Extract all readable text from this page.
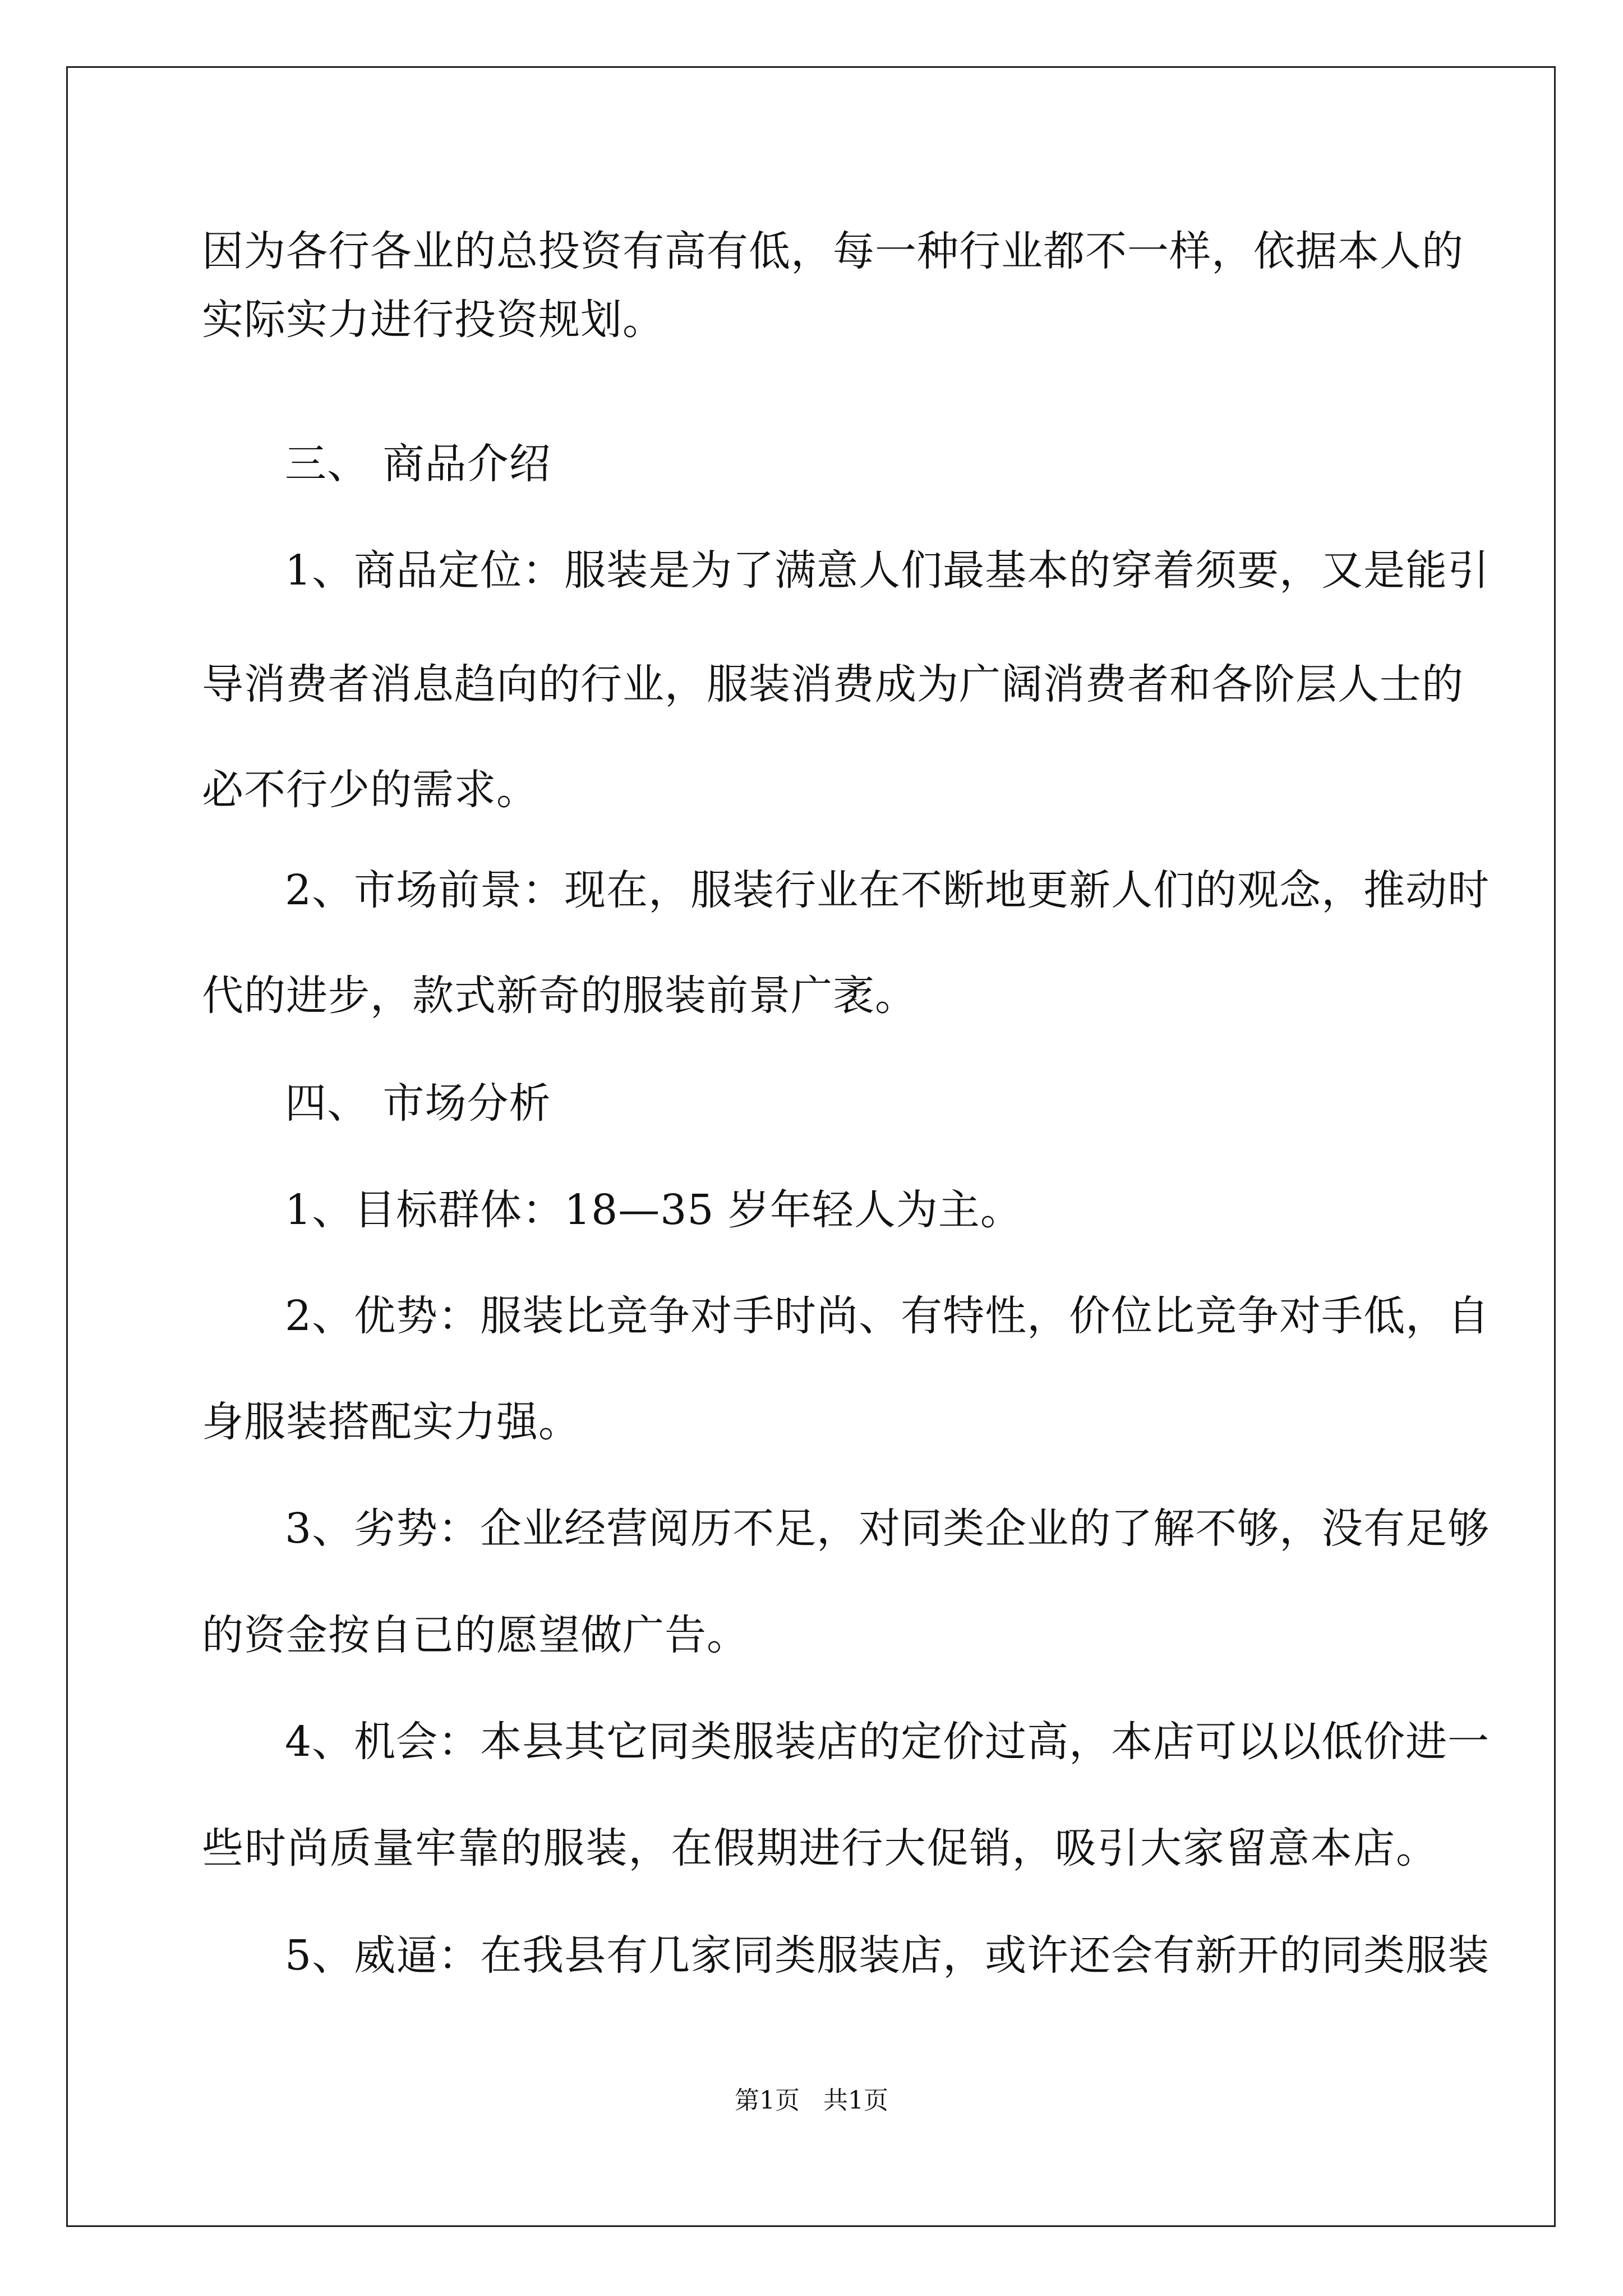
因为各行各业的总投资有高有低，每一种行业都不一样，依据本人的
实际实力进行投资规划。
三、 商品介绍
1、商品定位：服装是为了满意人们最基本的穿着须要，又是能引
导消费者消息趋向的行业，服装消费成为广阔消费者和各阶层人士的
必不行少的需求。
2、市场前景：现在，服装行业在不断地更新人们的观念，推动时
代的进步，款式新奇的服装前景广袤。
四、 市场分析
1、目标群体：18—35 岁年轻人为主。
2、优势：服装比竞争对手时尚、有特性，价位比竞争对手低，自
身服装搭配实力强。
3、劣势：企业经营阅历不足，对同类企业的了解不够，没有足够
的资金按自已的愿望做广告。
4、机会：本县其它同类服装店的定价过高，本店可以以低价进一
些时尚质量牢靠的服装，在假期进行大促销，吸引大家留意本店。
5、威逼：在我县有几家同类服装店，或许还会有新开的同类服装
第1页 共1页
